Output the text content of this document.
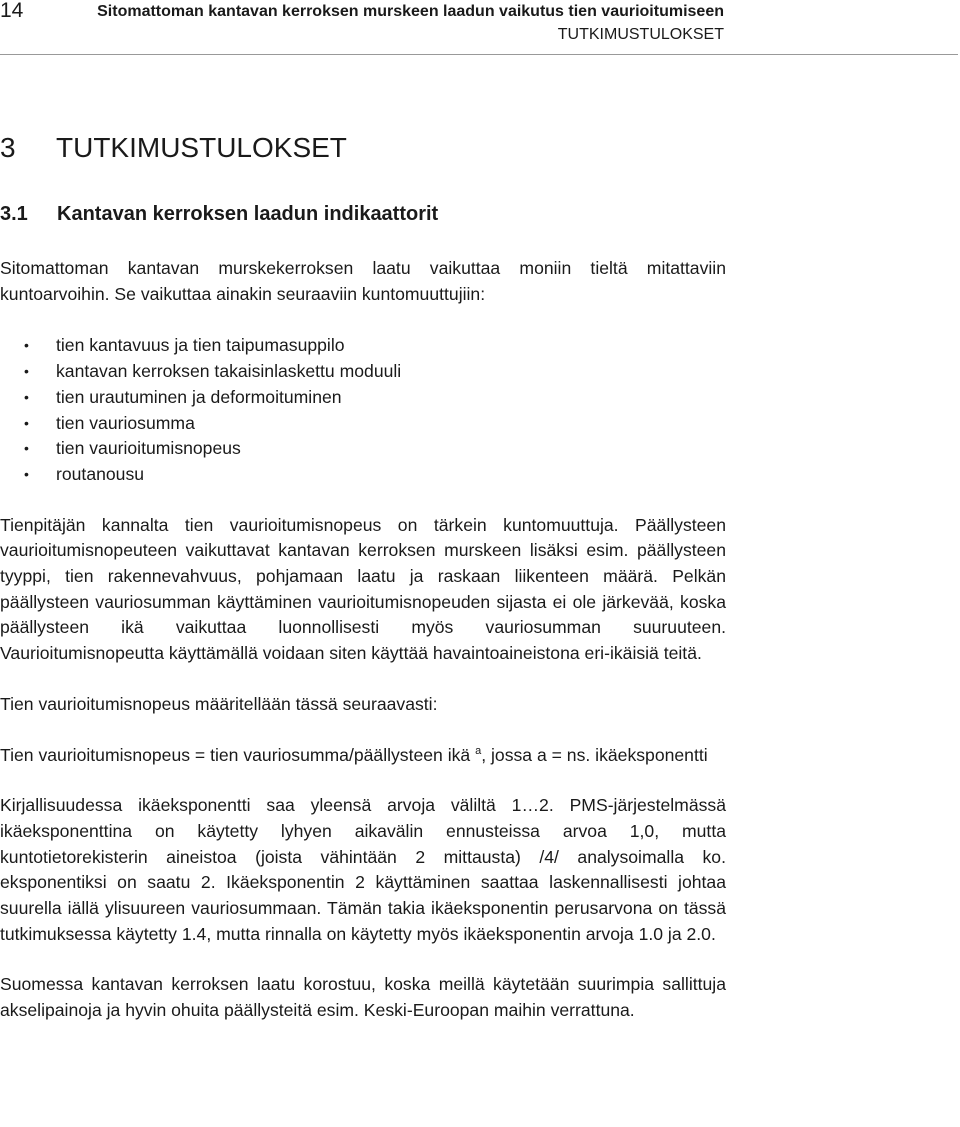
14	Sitomattoman kantavan kerroksen murskeen laadun vaikutus tien vaurioitumiseen
TUTKIMUSTULOKSET
3 TUTKIMUSTULOKSET
3.1 Kantavan kerroksen laadun indikaattorit

Sitomattoman kantavan murskekerroksen laatu vaikuttaa moniin tieltä mitattaviin kuntoarvoihin. Se vaikuttaa ainakin seuraaviin kuntomuuttujiin:

• tien kantavuus ja tien taipumasuppilo
• kantavan kerroksen takaisinlaskettu moduuli
• tien urautuminen ja deformoituminen
• tien vauriosumma
• tien vaurioitumisnopeus
• routanousu

Tienpitäjän kannalta tien vaurioitumisnopeus on tärkein kuntomuuttuja. Päällysteen vaurioitumisnopeuteen vaikuttavat kantavan kerroksen murskeen lisäksi esim. päällysteen tyyppi, tien rakennevahvuus, pohjamaan laatu ja raskaan liikenteen määrä. Pelkän päällysteen vauriosumman käyttäminen vaurioitumisnopeuden sijasta ei ole järkevää, koska päällysteen ikä vaikuttaa luonnollisesti myös vauriosumman suuruuteen. Vaurioitumisnopeutta käyttämällä voidaan siten käyttää havaintoaineistona eri-ikäisiä teitä.

Tien vaurioitumisnopeus määritellään tässä seuraavasti:

Tien vaurioitumisnopeus = tien vauriosumma/päällysteen ikä $^a$, jossa a = ns. ikäeksponentti

Kirjallisuudessa ikäeksponentti saa yleensä arvoja väliltä 1…2. PMS-järjestelmässä ikäeksponenttina on käytetty lyhyen aikavälin ennusteissa arvoa 1,0, mutta kuntotietorekisterin aineistoa (joista vähintään 2 mittausta) /4/ analysoimalla ko. eksponentiksi on saatu 2. Ikäeksponentin 2 käyttäminen saattaa laskennallisesti johtaa suurella iällä ylisuureen vauriosummaan. Tämän takia ikäeksponentin perusarvona on tässä tutkimuksessa käytetty 1.4, mutta rinnalla on käytetty myös ikäeksponentin arvoja 1.0 ja 2.0.

Suomessa kantavan kerroksen laatu korostuu, koska meillä käytetään suurimpia sallittuja akselipainoja ja hyvin ohuita päällysteitä esim. Keski-Euroopan maihin verrattuna.
